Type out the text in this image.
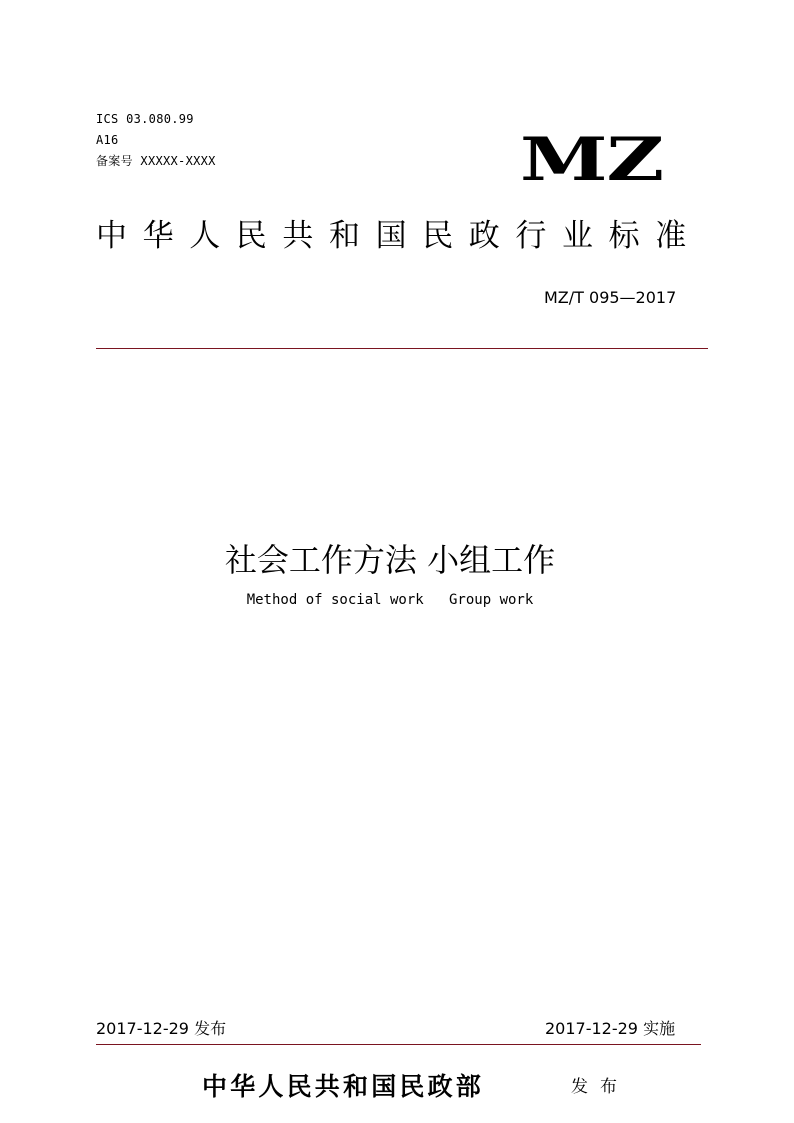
ICS 03.080.99
A16
备案号 XXXXX-XXXX	MZ
中华人民共和国民政行业标准
MZ/T 095—2017
社会工作方法 小组工作
Method of social work   Group work
2017-12-29 发布	2017-12-29 实施
中华人民共和国民政部	发布
